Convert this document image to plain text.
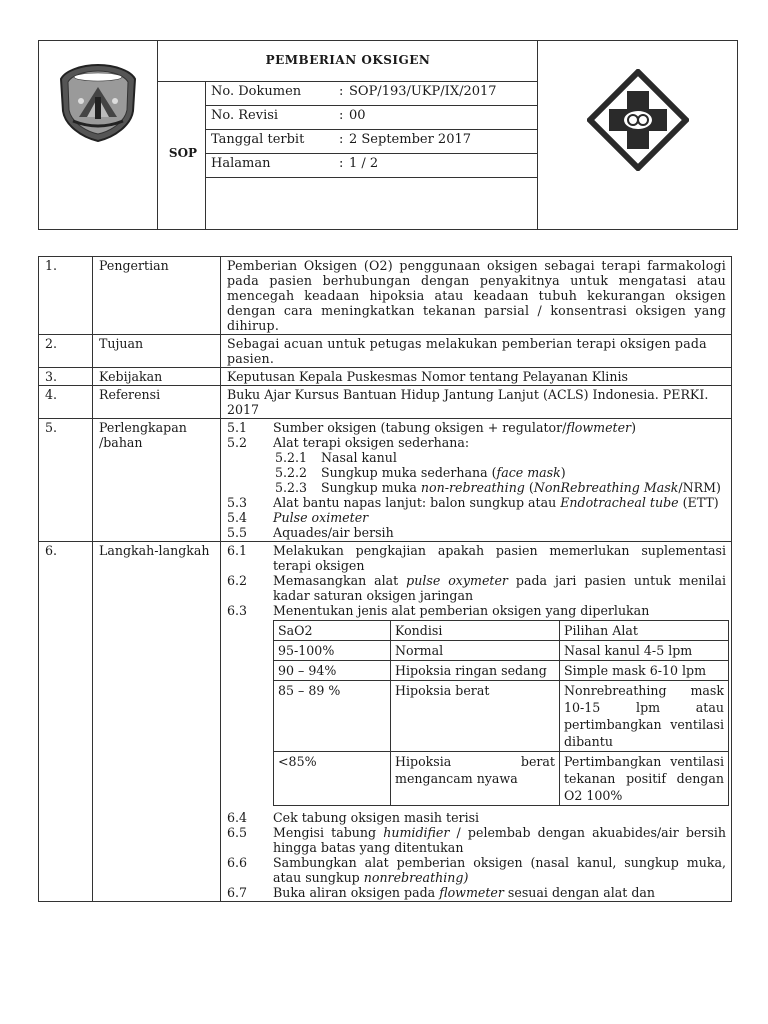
PEMBERIAN OKSIGEN
SOP
No. Dokumen	: SOP/193/UKP/IX/2017
No. Revisi	: 00
Tanggal terbit	: 2 September 2017
Halaman	: 1 / 2
1.	Pengertian	Pemberian Oksigen (O2) penggunaan oksigen sebagai terapi farmakologi pada pasien berhubungan dengan penyakitnya untuk mengatasi atau mencegah keadaan hipoksia atau keadaan tubuh kekurangan oksigen dengan cara meningkatkan tekanan parsial / konsentrasi oksigen yang dihirup.
2.	Tujuan	Sebagai acuan untuk petugas melakukan pemberian terapi oksigen pada pasien.
3.	Kebijakan	Keputusan Kepala Puskesmas Nomor tentang Pelayanan Klinis
4.	Referensi	Buku Ajar Kursus Bantuan Hidup Jantung Lanjut (ACLS) Indonesia. PERKI. 2017
5.	Perlengkapan /bahan	
5.1	Sumber oksigen (tabung oksigen + regulator/flowmeter)
5.2	Alat terapi oksigen sederhana:
5.2.1	Nasal kanul
5.2.2	Sungkup muka sederhana (face mask)
5.2.3	Sungkup muka non-rebreathing (NonRebreathing Mask/NRM)
5.3	Alat bantu napas lanjut: balon sungkup atau Endotracheal tube (ETT)
5.4	Pulse oximeter
5.5	Aquades/air bersih

6.	Langkah-langkah	6.1	Melakukan pengkajian apakah pasien memerlukan suplementasi terapi oksigen
6.2	Memasangkan alat pulse oxymeter pada jari pasien untuk menilai kadar saturan oksigen jaringan
6.3	Menentukan jenis alat pemberian oksigen yang diperlukan
SaO2	Kondisi	Pilihan Alat
95-100%	Normal	Nasal kanul 4-5 lpm
90 – 94%	Hipoksia ringan sedang	Simple mask 6-10 lpm
85 – 89 %	Hipoksia berat	Nonrebreathing mask 10-15 lpm atau pertimbangkan ventilasi dibantu
<85%	Hipoksia berat mengancam nyawa	Pertimbangkan ventilasi tekanan positif dengan O2 100%
6.4	Cek tabung oksigen masih terisi
6.5	Mengisi tabung humidifier / pelembab dengan akuabides/air bersih hingga batas yang ditentukan
6.6	Sambungkan alat pemberian oksigen (nasal kanul, sungkup muka, atau sungkup nonrebreathing)
6.7	Buka aliran oksigen pada flowmeter sesuai dengan alat dan
